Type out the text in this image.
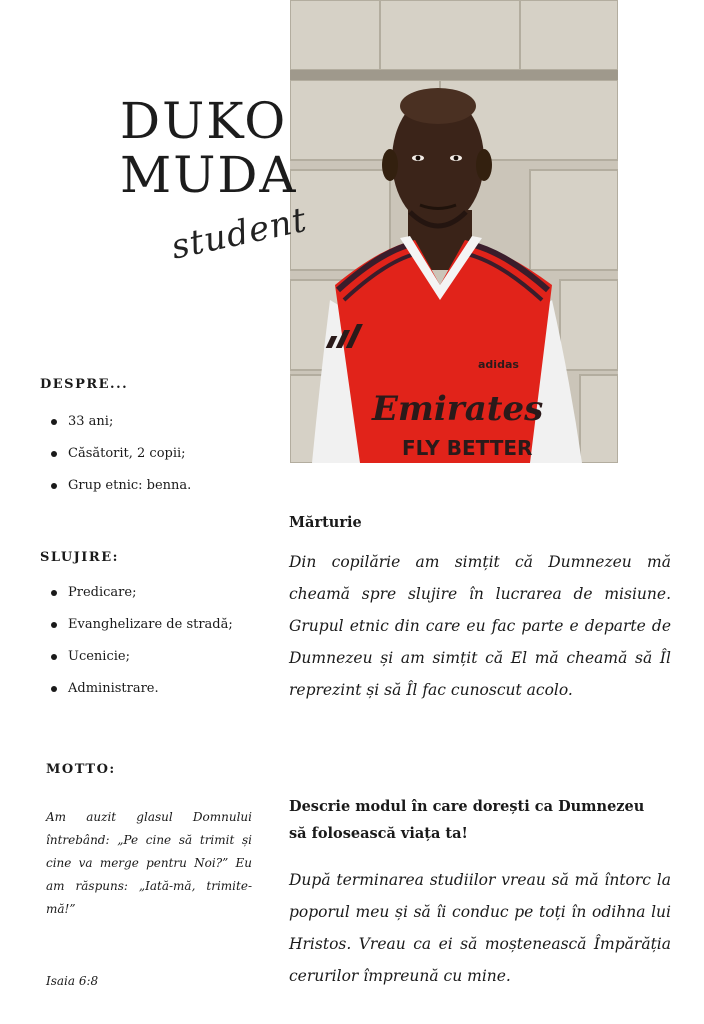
adidas
Emirates
FLY BETTER
DUKO
MUDA
student
DESPRE...
33 ani;
Căsătorit, 2 copii;
Grup etnic: benna.
SLUJIRE:
Predicare;
Evanghelizare de stradă;
Ucenicie;
Administrare.
MOTTO:
Am auzit glasul Domnului întrebând: „Pe cine să trimit și cine va merge pentru Noi?” Eu am răspuns: „Iată-mă, trimite-mă!”
Isaia 6:8
Mărturie
Din copilărie am simțit că Dumnezeu mă cheamă spre slujire în lucrarea de misiune. Grupul etnic din care eu fac parte e departe de Dumnezeu și am simțit că El mă cheamă să Îl reprezint și să Îl fac cunoscut acolo.
Descrie modul în care dorești ca Dumnezeu
să folosească viața ta!
După terminarea studiilor vreau să mă întorc la poporul meu și să îi conduc pe toți în odihna lui Hristos. Vreau ca ei să moștenească Împărăția cerurilor împreună cu mine.
